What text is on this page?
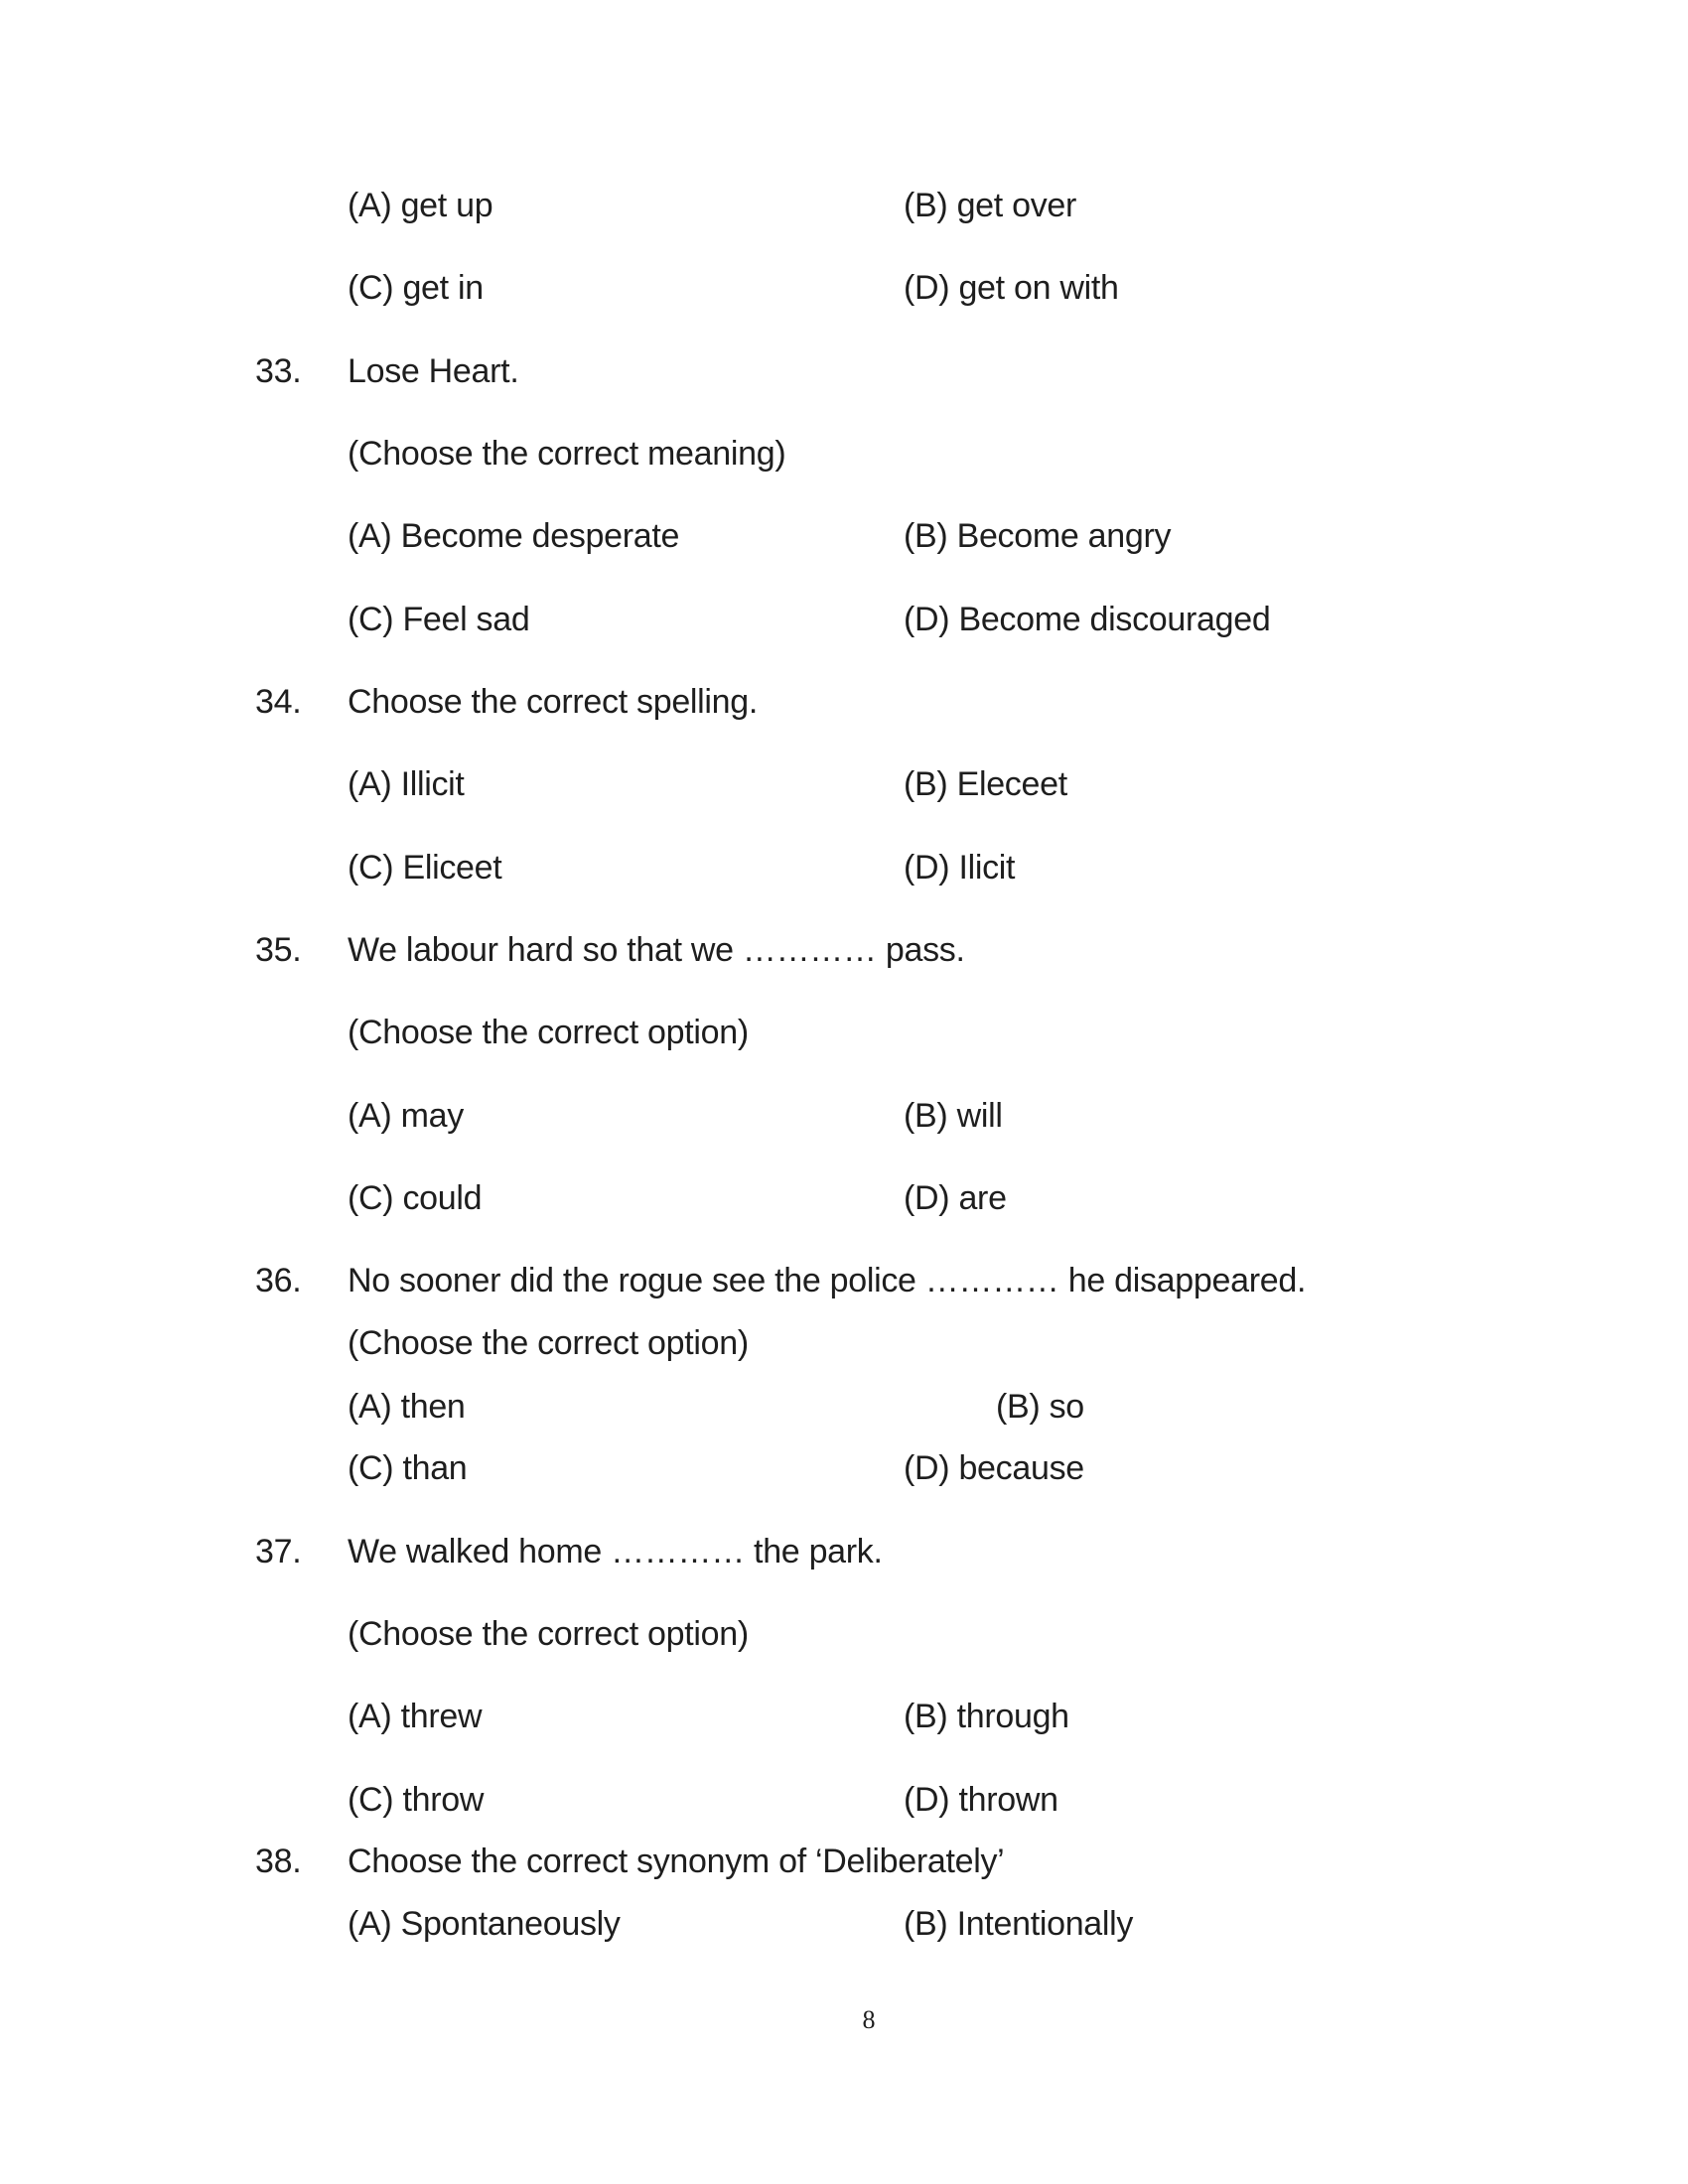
(A) get up	(B) get over
(C) get in	(D) get on with
33. Lose Heart.
(Choose the correct meaning)
(A) Become desperate	(B) Become angry
(C) Feel sad	(D) Become discouraged
34. Choose the correct spelling.
(A) Illicit	(B) Eleceet
(C) Eliceet	(D) Ilicit
35. We labour hard so that we ………… pass.
(Choose the correct option)
(A) may	(B) will
(C) could	(D) are
36. No sooner did the rogue see the police ………… he disappeared.
(Choose the correct option)
(A) then	(B) so
(C) than	(D) because
37. We walked home ………… the park.
(Choose the correct option)
(A) threw	(B) through
(C) throw	(D) thrown
38. Choose the correct synonym of ‘Deliberately’
(A) Spontaneously	(B) Intentionally
8
